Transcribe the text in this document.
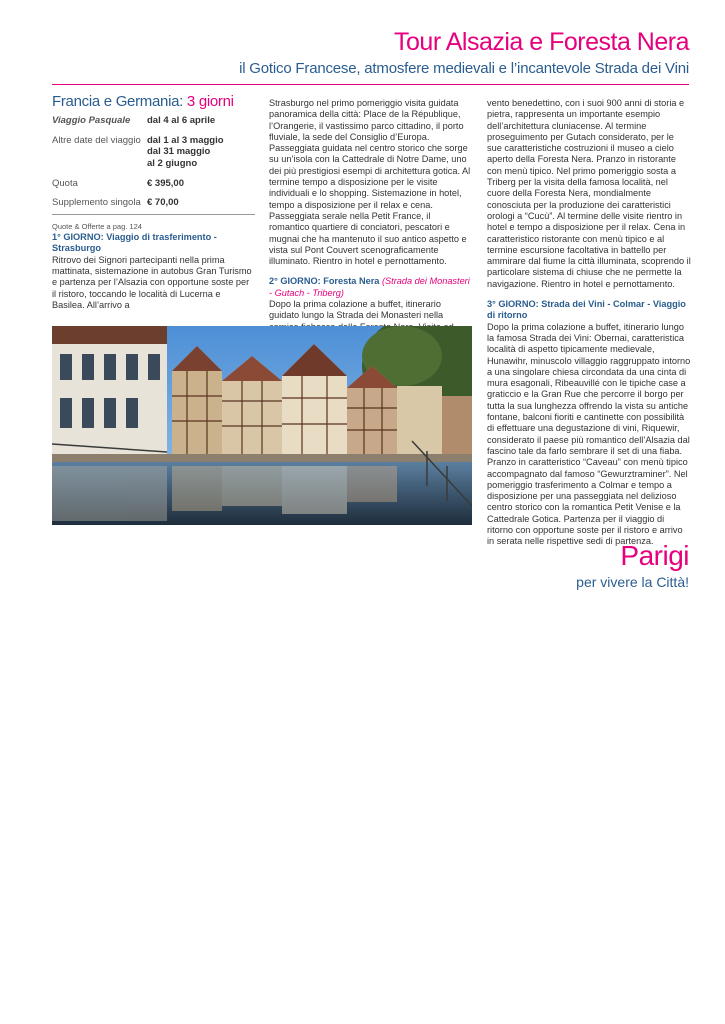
Tour Alsazia e Foresta Nera
il Gotico Francese, atmosfere medievali e l’incantevole Strada dei Vini
Francia e Germania: 3 giorni
Viaggio Pasquale	dal 4 al 6 aprile
Altre date del viaggio	dal 1 al 3 maggio
	dal 31 maggio
	al 2 giugno
Quota	€ 395,00
Supplemento singola	€ 70,00

Quote & Offerte a pag. 124

1° GIORNO: Viaggio di trasferimento -
Strasburgo

Ritrovo dei Signori partecipanti nella prima mattinata, sistemazione in autobus Gran Turismo e partenza per l’Alsazia con opportune soste per il ristoro, toccando le località di Lucerna e Basilea. All’arrivo a

Strasburgo nel primo pomeriggio visita guidata panoramica della città: Place de la République, l’Orangerie, il vastissimo parco cittadino, il porto fluviale, la sede del Consiglio d’Europa. Passeggiata guidata nel centro storico che sorge su un’isola con la Cattedrale di Notre Dame, uno dei più prestigiosi esempi di architettura gotica. Al termine tempo a disposizione per le visite individuali e lo shopping. Sistemazione in hotel, tempo a disposizione per il relax e cena. Passeggiata serale nella Petit France, il romantico quartiere di conciatori, pescatori e mugnai che ha mantenuto il suo antico aspetto e vista sul Pont Couvert scenograficamente illuminato. Rientro in hotel e pernottamento.

2° GIORNO: Foresta Nera (Strada dei Monasteri - Gutach - Triberg)

Dopo la prima colazione a buffet, itinerario guidato lungo la Strada dei Monasteri nella

vento benedettino, con i suoi 900 anni di storia e pietra, rappresenta un importante esempio dell’architettura cluniacense. Al termine proseguimento per Gutach considerato, per le sue caratteristiche costruzioni il museo a cielo aperto della Foresta Nera. Pranzo in ristorante con menù tipico. Nel primo pomeriggio sosta a Triberg per la visita della famosa località, nel cuore della Foresta Nera, mondialmente conosciuta per la produzione dei caratteristici orologi a “Cucù”. Al termine delle visite rientro in hotel e tempo a disposizione per il relax. Cena in caratteristico ristorante con menù tipico e al termine escursione facoltativa in battello per ammirare dal fiume la città illuminata, scoprendo il particolare sistema di chiuse che ne permette la navigazione. Rientro in hotel e pernottamento.

3° GIORNO: Strada dei Vini - Colmar - Viaggio di ritorno

Dopo la prima colazione a buffet, itinerario lungo la famosa Strada dei Vini: Obernai, caratteristica località di aspetto tipicamente medievale, Hunawihr, minuscolo villaggio raggruppato intorno a una singolare chiesa circondata da una cinta di mura esagonali, Ribeauvillé con le tipiche case a graticcio e la Gran Rue che percorre il borgo per tutta la sua lunghezza offrendo la vista su antiche fontane, balconi fioriti e cantinette con possibilità di effettuare una degustazione di vini, Riquewir, considerato il paese più romantico dell’Alsazia dal fascino tale da farlo sembrare il set di una fiaba. Pranzo in caratteristico “Caveau” con menù tipico accompagnato dal famoso “Gewurztraminer”. Nel pomeriggio trasferimento a Colmar e tempo a disposizione per una passeggiata nel delizioso centro storico con la romantica Petit Venise e la Cattedrale Gotica. Partenza per il viaggio di ritorno con opportune soste per il ristoro e arrivo in serata nelle rispettive sedi di partenza.

Parigi

per vivere la Città!
